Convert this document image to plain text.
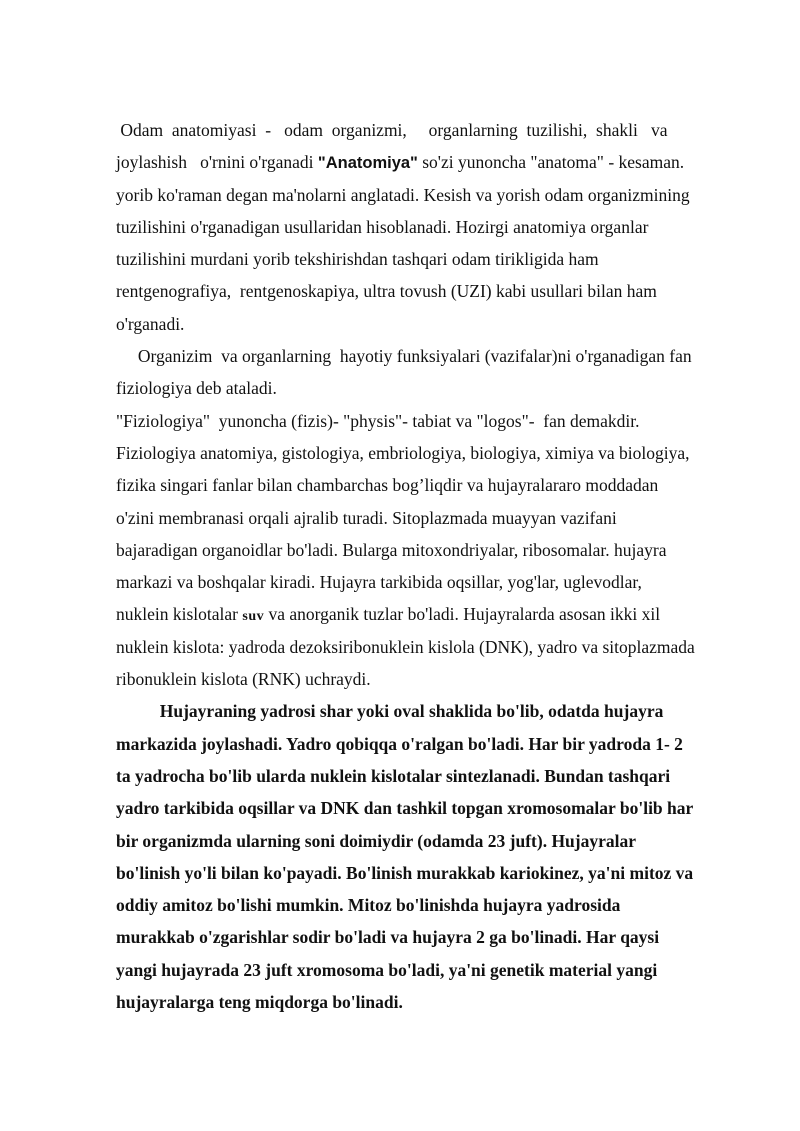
Odam  anatomiyasi  -   odam  organizmi,     organlarning  tuzilishi,  shakli   va
joylashish   o'rnini o'rganadi "Anatomiya" so'zi yunoncha "anatoma" - kesaman.
yorib ko'raman degan ma'nolarni anglatadi. Kesish va yorish odam organizmining
tuzilishini o'rganadigan usullaridan hisoblanadi. Hozirgi anatomiya organlar
tuzilishini murdani yorib tekshirishdan tashqari odam tirikligida ham
rentgenografiya,  rentgenoskapiya, ultra tovush (UZI) kabi usullari bilan ham
o'rganadi.
Organizim  va organlarning  hayotiy funksiyalari (vazifalar)ni o'rganadigan fan
fiziologiya deb ataladi.
"Fiziologiya"  yunoncha (fizis)- "physis"- tabiat va "logos"-  fan demakdir.
Fiziologiya anatomiya, gistologiya, embriologiya, biologiya, ximiya va biologiya,
fizika singari fanlar bilan chambarchas bog’liqdir va hujayralararo moddadan
o'zini membranasi orqali ajralib turadi. Sitoplazmada muayyan vazifani
bajaradigan organoidlar bo'ladi. Bularga mitoxondriyalar, ribosomalar. hujayra
markazi va boshqalar kiradi. Hujayra tarkibida oqsillar, yog'lar, uglevodlar,
nuklein kislotalar suv va anorganik tuzlar bo'ladi. Hujayralarda asosan ikki xil
nuklein kislota: yadroda dezoksiribonuklein kislola (DNK), yadro va sitoplazmada
ribonuklein kislota (RNK) uchraydi.
Hujayraning yadrosi shar yoki oval shaklida bo'lib, odatda hujayra
markazida joylashadi. Yadro qobiqqa o'ralgan bo'ladi. Har bir yadroda 1- 2
ta yadrocha bo'lib ularda nuklein kislotalar sintezlanadi. Bundan tashqari
yadro tarkibida oqsillar va DNK dan tashkil topgan xromosomalar bo'lib har
bir organizmda ularning soni doimiydir (odamda 23 juft). Hujayralar
bo'linish yo'li bilan ko'payadi. Bo'linish murakkab kariokinez, ya'ni mitoz va
oddiy amitoz bo'lishi mumkin. Mitoz bo'linishda hujayra yadrosida
murakkab o'zgarishlar sodir bo'ladi va hujayra 2 ga bo'linadi. Har qaysi
yangi hujayrada 23 juft xromosoma bo'ladi, ya'ni genetik material yangi
hujayralarga teng miqdorga bo'linadi.
